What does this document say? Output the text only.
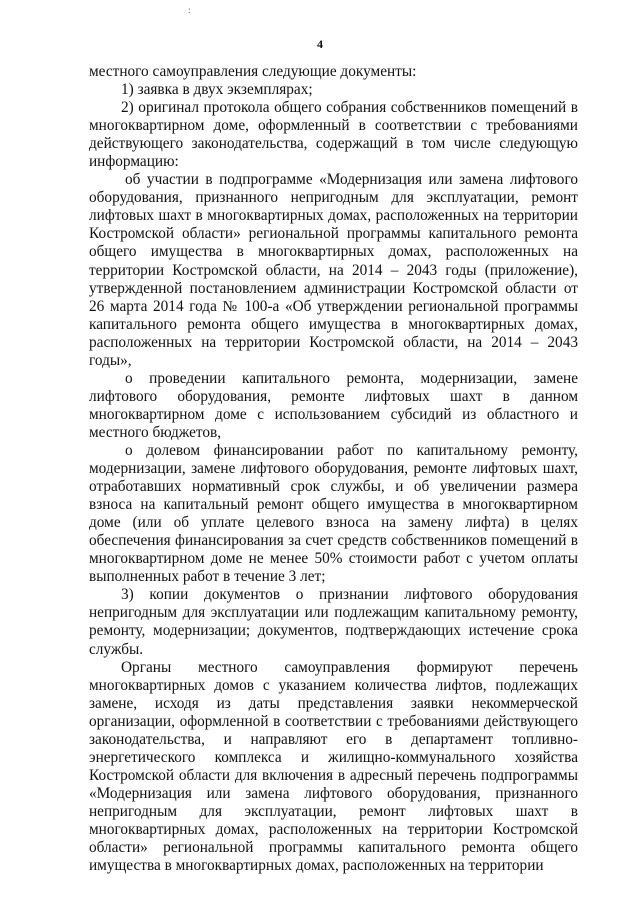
:
4

местного самоуправления следующие документы:

1) заявка в двух экземплярах;

2) оригинал протокола общего собрания собственников помещений в многоквартирном доме, оформленный в соответствии с требованиями действующего законодательства, содержащий в том числе следующую информацию:

об участии в подпрограмме «Модернизация или замена лифтового оборудования, признанного непригодным для эксплуатации, ремонт лифтовых шахт в многоквартирных домах, расположенных на территории Костромской области» региональной программы капитального ремонта общего имущества в многоквартирных домах, расположенных на территории Костромской области, на 2014 – 2043 годы (приложение), утвержденной постановлением администрации Костромской области от 26 марта 2014 года № 100-а «Об утверждении региональной программы капитального ремонта общего имущества в многоквартирных домах, расположенных на территории Костромской области, на 2014 – 2043 годы»,

о проведении капитального ремонта, модернизации, замене лифтового оборудования, ремонте лифтовых шахт в данном многоквартирном доме с использованием субсидий из областного и местного бюджетов,

о долевом финансировании работ по капитальному ремонту, модернизации, замене лифтового оборудования, ремонте лифтовых шахт, отработавших нормативный срок службы, и об увеличении размера взноса на капитальный ремонт общего имущества в многоквартирном доме (или об уплате целевого взноса на замену лифта) в целях обеспечения финансирования за счет средств собственников помещений в многоквартирном доме не менее 50% стоимости работ с учетом оплаты выполненных работ в течение 3 лет;

3) копии документов о признании лифтового оборудования непригодным для эксплуатации или подлежащим капитальному ремонту, ремонту, модернизации; документов, подтверждающих истечение срока службы.

Органы местного самоуправления формируют перечень многоквартирных домов с указанием количества лифтов, подлежащих замене, исходя из даты представления заявки некоммерческой организации, оформленной в соответствии с требованиями действующего законодательства, и направляют его в департамент топливно-энергетического комплекса и жилищно-коммунального хозяйства Костромской области для включения в адресный перечень подпрограммы «Модернизация или замена лифтового оборудования, признанного непригодным для эксплуатации, ремонт лифтовых шахт в многоквартирных домах, расположенных на территории Костромской области» региональной программы капитального ремонта общего имущества в многоквартирных домах, расположенных на территории
